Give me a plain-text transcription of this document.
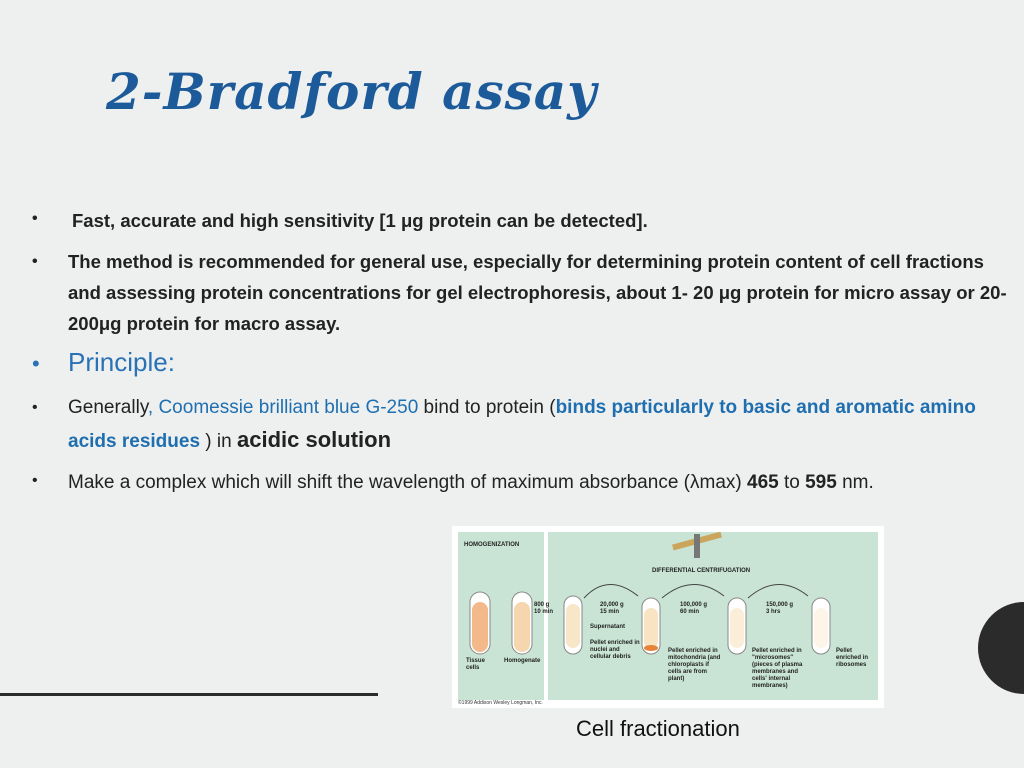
2-Bradford assay
• Fast, accurate and high sensitivity [1 μg protein can be detected].
• The method is recommended for general use, especially for determining protein content of cell fractions and assessing protein concentrations for gel electrophoresis, about 1- 20 μg protein for micro assay or 20-200μg protein for macro assay.
• Principle:
• Generally, Coomessie brilliant blue G-250 bind to protein (binds particularly to basic and aromatic amino acids residues ) in acidic solution
• Make a complex which will shift the wavelength of maximum absorbance (λmax) 465 to 595 nm.
HOMOGENIZATION
Tissue cells
Homogenate
DIFFERENTIAL CENTRIFUGATION
800 g
10 min
20,000 g
15 min
100,000 g
60 min
150,000 g
3 hrs
Supernatant
Pellet enriched in nuclei and cellular debris
Pellet enriched in mitochondria (and chloroplasts if cells are from plant)
Pellet enriched in "microsomes" (pieces of plasma membranes and cells' internal membranes)
Pellet enriched in ribosomes
©1999 Addison Wesley Longman, Inc.
Cell fractionation
